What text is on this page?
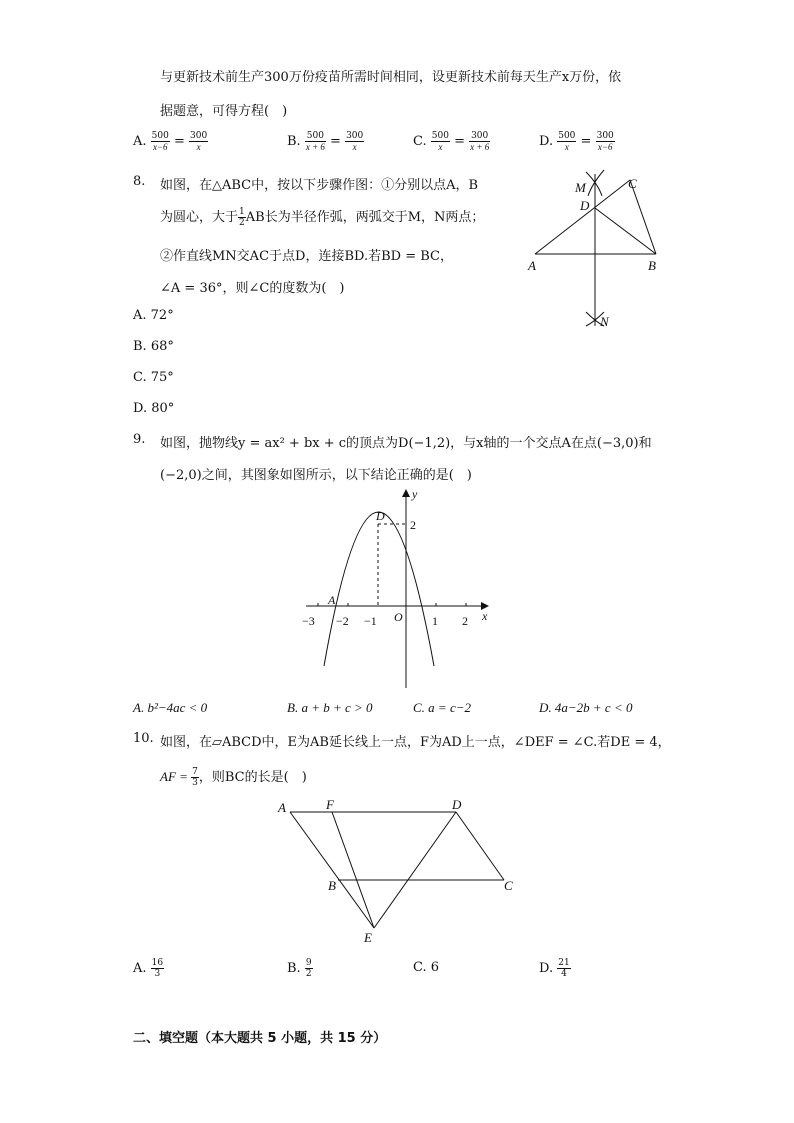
与更新技术前生产300万份疫苗所需时间相同，设更新技术前每天生产x万份，依
据题意，可得方程(　)
A. $\frac{500}{x-6} = \frac{300}{x}$	B. $\frac{500}{x + 6} = \frac{300}{x}$	C. $\frac{500}{x} = \frac{300}{x + 6}$	D. $\frac{500}{x} = \frac{300}{x-6}$
8. 如图，在△ABC中，按以下步骤作图：①分别以点A，B
为圆心，大于 $\frac{1}{2}$ AB长为半径作弧，两弧交于M，N两点；
②作直线MN交AC于点D，连接BD.若BD = BC，
∠A = 36°，则∠C的度数为(　)
A. 72°
B. 68°
C. 75°
D. 80°
M	C
D
A	B
N
9. 如图，抛物线y = ax² + bx + c的顶点为D(−1,2)，与x轴的一个交点A在点(−3,0)和
(−2,0)之间，其图象如图所示，以下结论正确的是(　)
y
x
D
A
O
2
−3 −2 −1	1 2
A. b²−4ac < 0	B. a + b + c > 0	C. a = c−2	D. 4a−2b + c < 0
10. 如图，在▱ABCD中，E为AB延长线上一点，F为AD上一点，∠DEF = ∠C.若DE = 4，
AF = $\frac{7}{3}$ ，则BC的长是(　)
A	F	D
B	C
E
A. $\frac{16}{3}$	B. $\frac{9}{2}$	C. 6	D. $\frac{21}{4}$
二、填空题（本大题共 5 小题，共 15 分）
